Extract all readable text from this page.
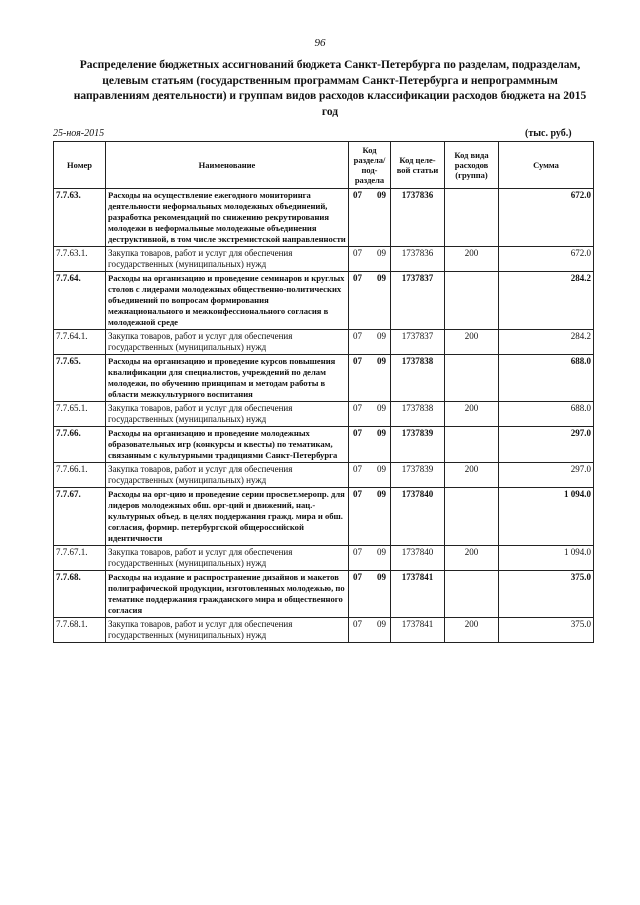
96
Распределение бюджетных ассигнований бюджета Санкт-Петербурга по разделам, подразделам, целевым статьям (государственным программам Санкт-Петербурга и непрограммным направлениям деятельности) и группам видов расходов классификации расходов бюджета на 2015 год
25-ноя-2015	(тыс. руб.)
Номер	Наименование	Код раздела/ под- раздела	Код целе- вой статьи	Код вида расходов (группа)	Сумма
7.7.63.	Расходы на осуществление ежегодного мониторинга деятельности неформальных молодежных объединений, разработка рекомендаций по снижению рекрутирования молодежи в неформальные молодежные объединения деструктивной, в том числе экстремистской направленности	07 09	1737836		672.0
7.7.63.1.	Закупка товаров, работ и услуг для обеспечения государственных (муниципальных) нужд	07 09	1737836	200	672.0
7.7.64.	Расходы на организацию и проведение семинаров и круглых столов с лидерами молодежных общественно-политических объединений по вопросам формирования межнационального и межконфессионального согласия в молодежной среде	07 09	1737837		284.2
7.7.64.1.	Закупка товаров, работ и услуг для обеспечения государственных (муниципальных) нужд	07 09	1737837	200	284.2
7.7.65.	Расходы на организацию и проведение курсов повышения квалификации для специалистов, учреждений по делам молодежи, по обучению принципам и методам работы в области межкультурного воспитания	07 09	1737838		688.0
7.7.65.1.	Закупка товаров, работ и услуг для обеспечения государственных (муниципальных) нужд	07 09	1737838	200	688.0
7.7.66.	Расходы на организацию и проведение молодежных образовательных игр (конкурсы и квесты) по тематикам, связанным с культурными традициями Санкт-Петербурга	07 09	1737839		297.0
7.7.66.1.	Закупка товаров, работ и услуг для обеспечения государственных (муниципальных) нужд	07 09	1737839	200	297.0
7.7.67.	Расходы на орг-цию и проведение серии просвет.меропр. для лидеров молодежных обш. орг-ций и движений, нац.-культурных объед. в целях поддержания гражд. мира и обш. согласия, формир. петербургской общероссийской идентичности	07 09	1737840		1 094.0
7.7.67.1.	Закупка товаров, работ и услуг для обеспечения государственных (муниципальных) нужд	07 09	1737840	200	1 094.0
7.7.68.	Расходы на издание и распространение дизайнов и макетов полиграфической продукции, изготовленных молодежью, по тематике поддержания гражданского мира и общественного согласия	07 09	1737841		375.0
7.7.68.1.	Закупка товаров, работ и услуг для обеспечения государственных (муниципальных) нужд	07 09	1737841	200	375.0
